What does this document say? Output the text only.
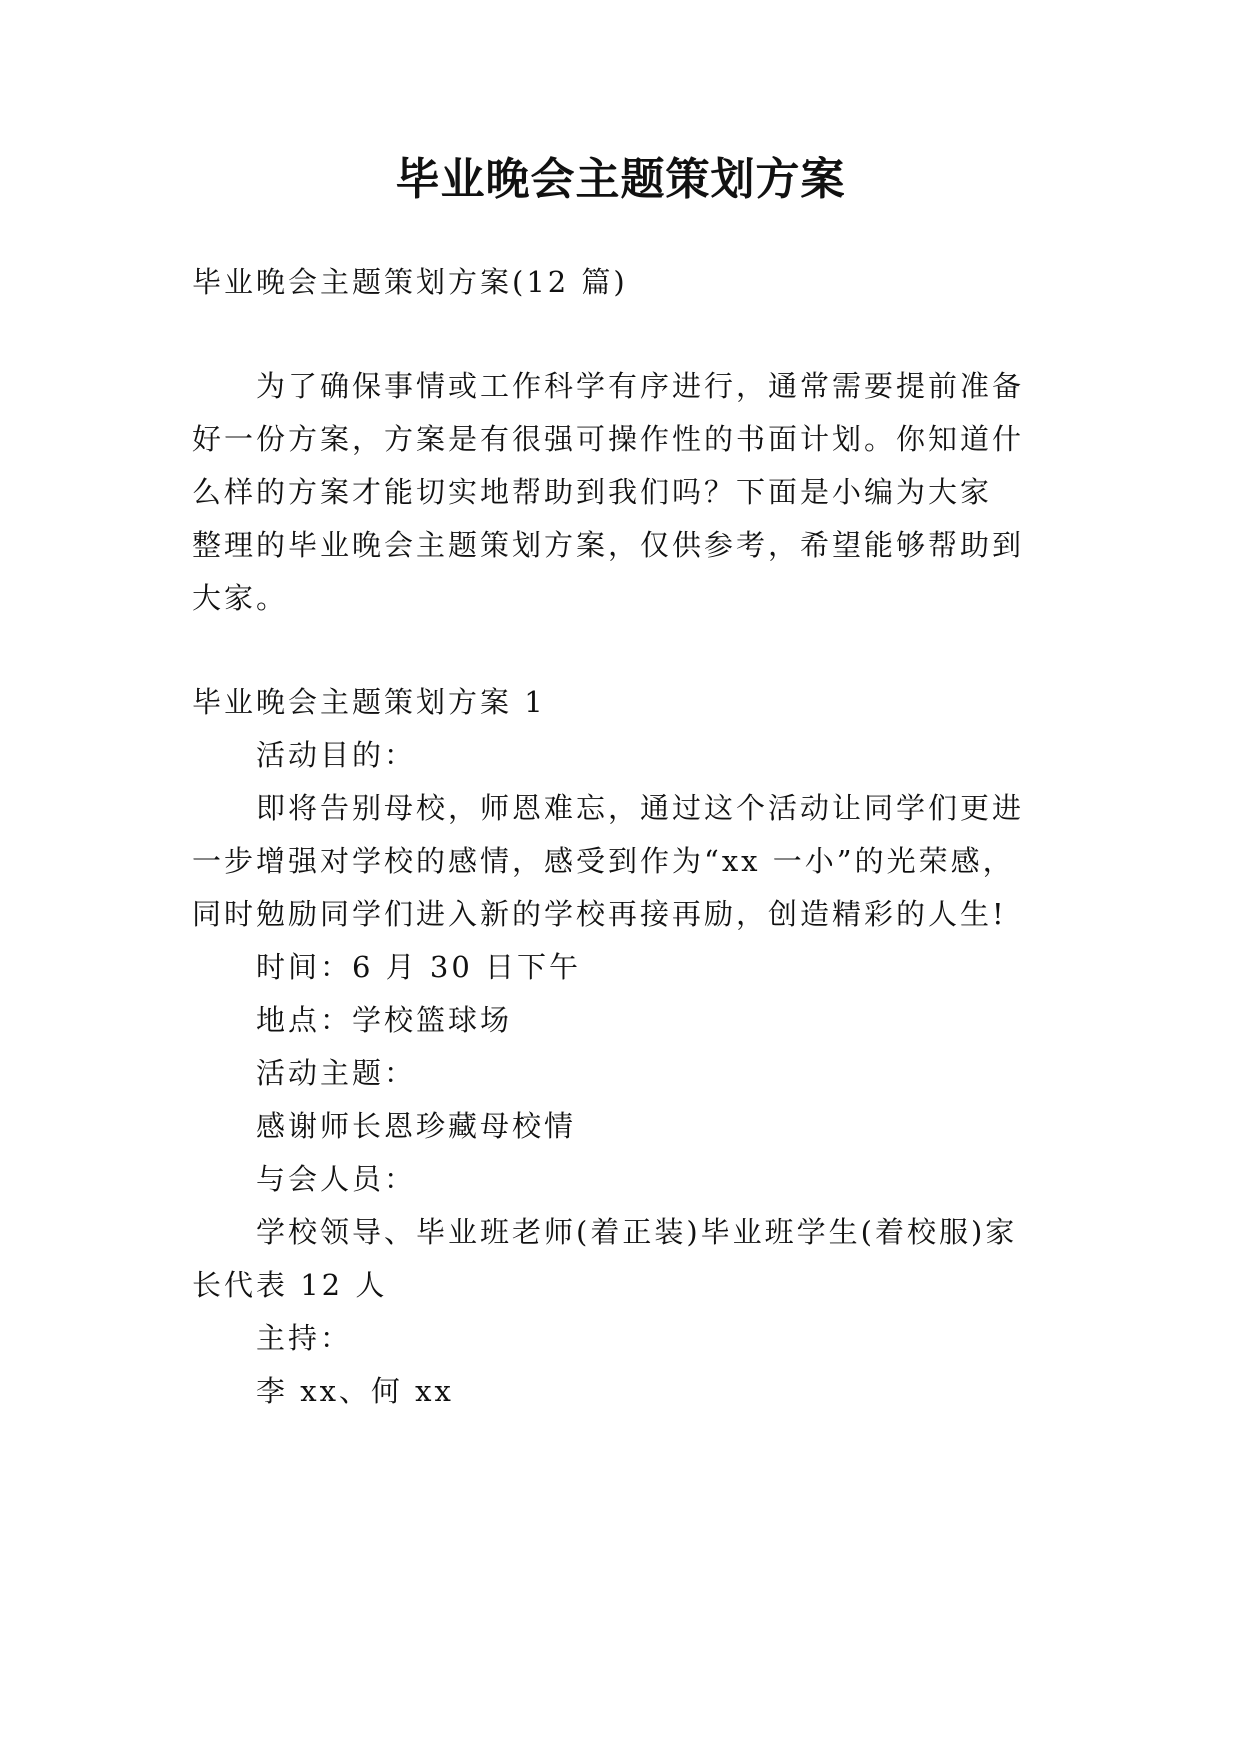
毕业晚会主题策划方案
毕业晚会主题策划方案(12 篇)
为了确保事情或工作科学有序进行，通常需要提前准备
好一份方案，方案是有很强可操作性的书面计划。你知道什
么样的方案才能切实地帮助到我们吗？下面是小编为大家
整理的毕业晚会主题策划方案，仅供参考，希望能够帮助到
大家。
毕业晚会主题策划方案 1
活动目的：
即将告别母校，师恩难忘，通过这个活动让同学们更进
一步增强对学校的感情，感受到作为“xx 一小”的光荣感，
同时勉励同学们进入新的学校再接再励，创造精彩的人生!
时间：6 月 30 日下午
地点：学校篮球场
活动主题：
感谢师长恩珍藏母校情
与会人员：
学校领导、毕业班老师(着正装)毕业班学生(着校服)家
长代表 12 人
主持：
李 xx、何 xx
